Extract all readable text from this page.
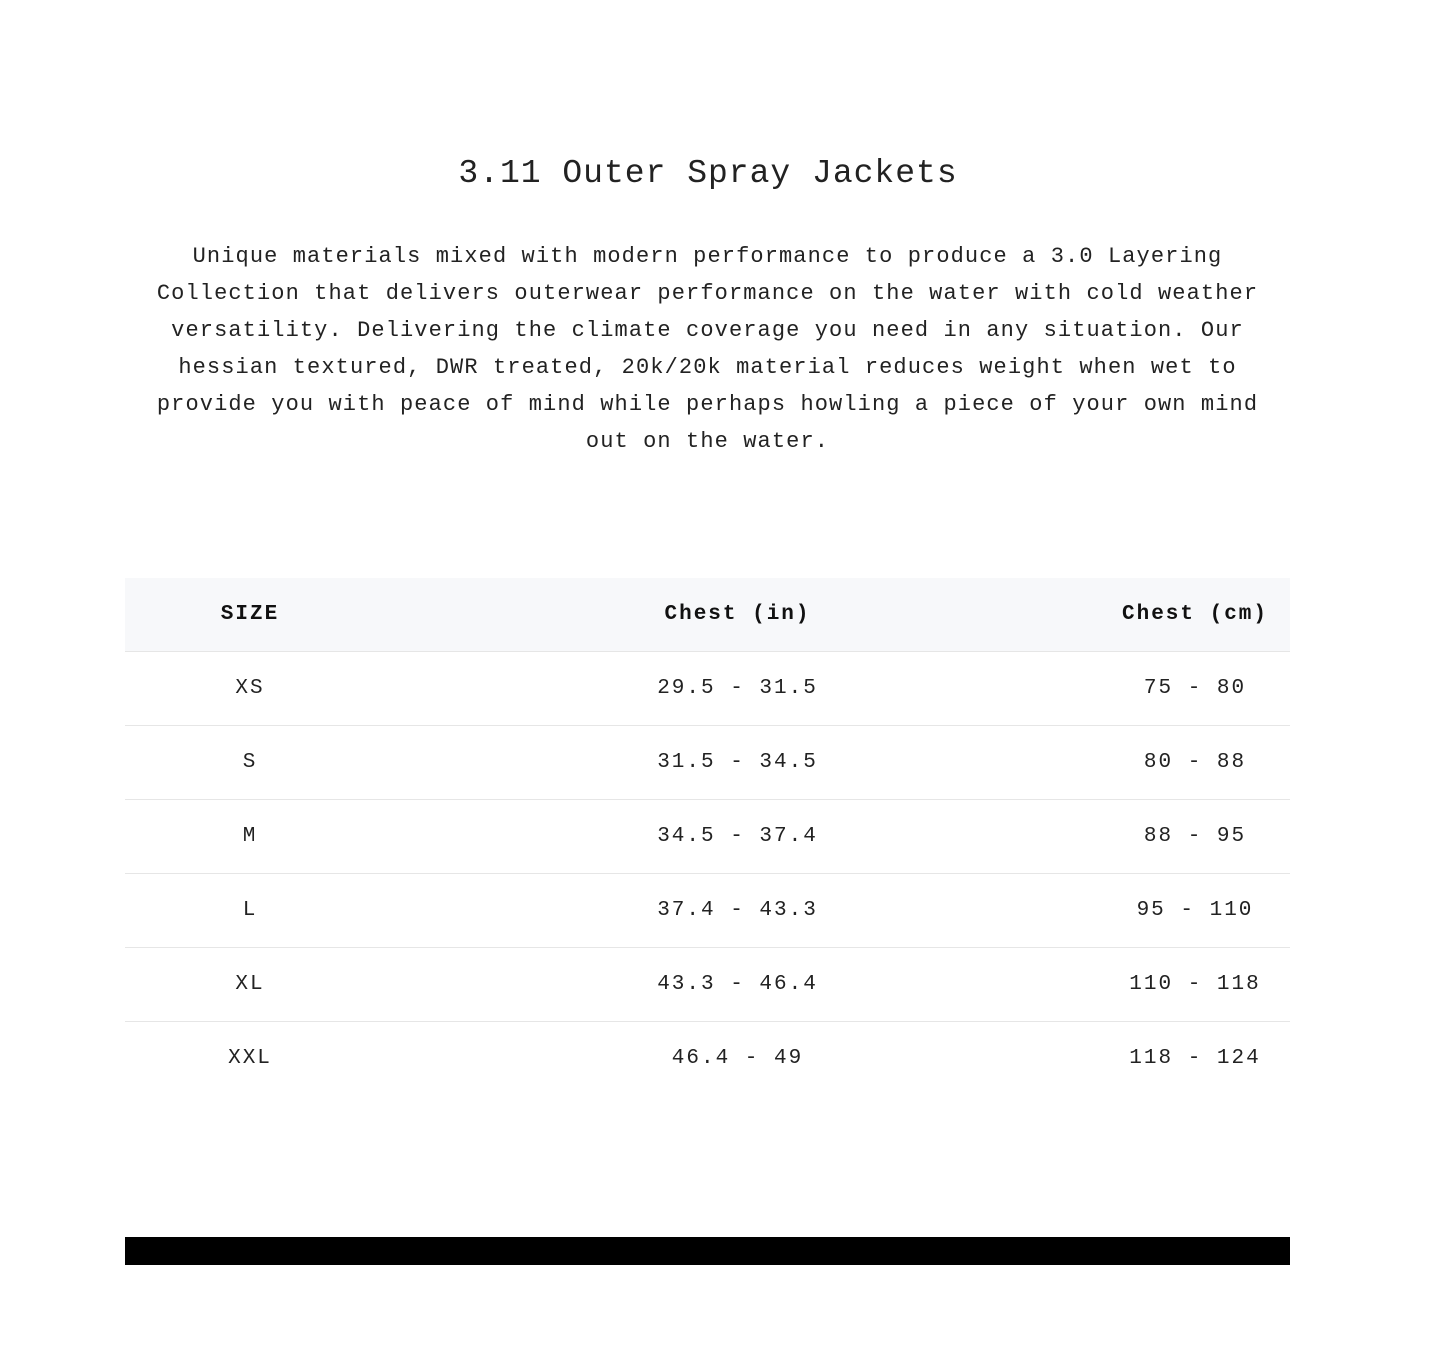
3.11 Outer Spray Jackets

Unique materials mixed with modern performance to produce a 3.0 Layering Collection that delivers outerwear performance on the water with cold weather versatility. Delivering the climate coverage you need in any situation. Our hessian textured, DWR treated, 20k/20k material reduces weight when wet to provide you with peace of mind while perhaps howling a piece of your own mind out on the water.

SIZE	Chest (in)	Chest (cm)
XS	29.5 - 31.5	75 - 80
S	31.5 - 34.5	80 - 88
M	34.5 - 37.4	88 - 95
L	37.4 - 43.3	95 - 110
XL	43.3 - 46.4	110 - 118
XXL	46.4 - 49	118 - 124
